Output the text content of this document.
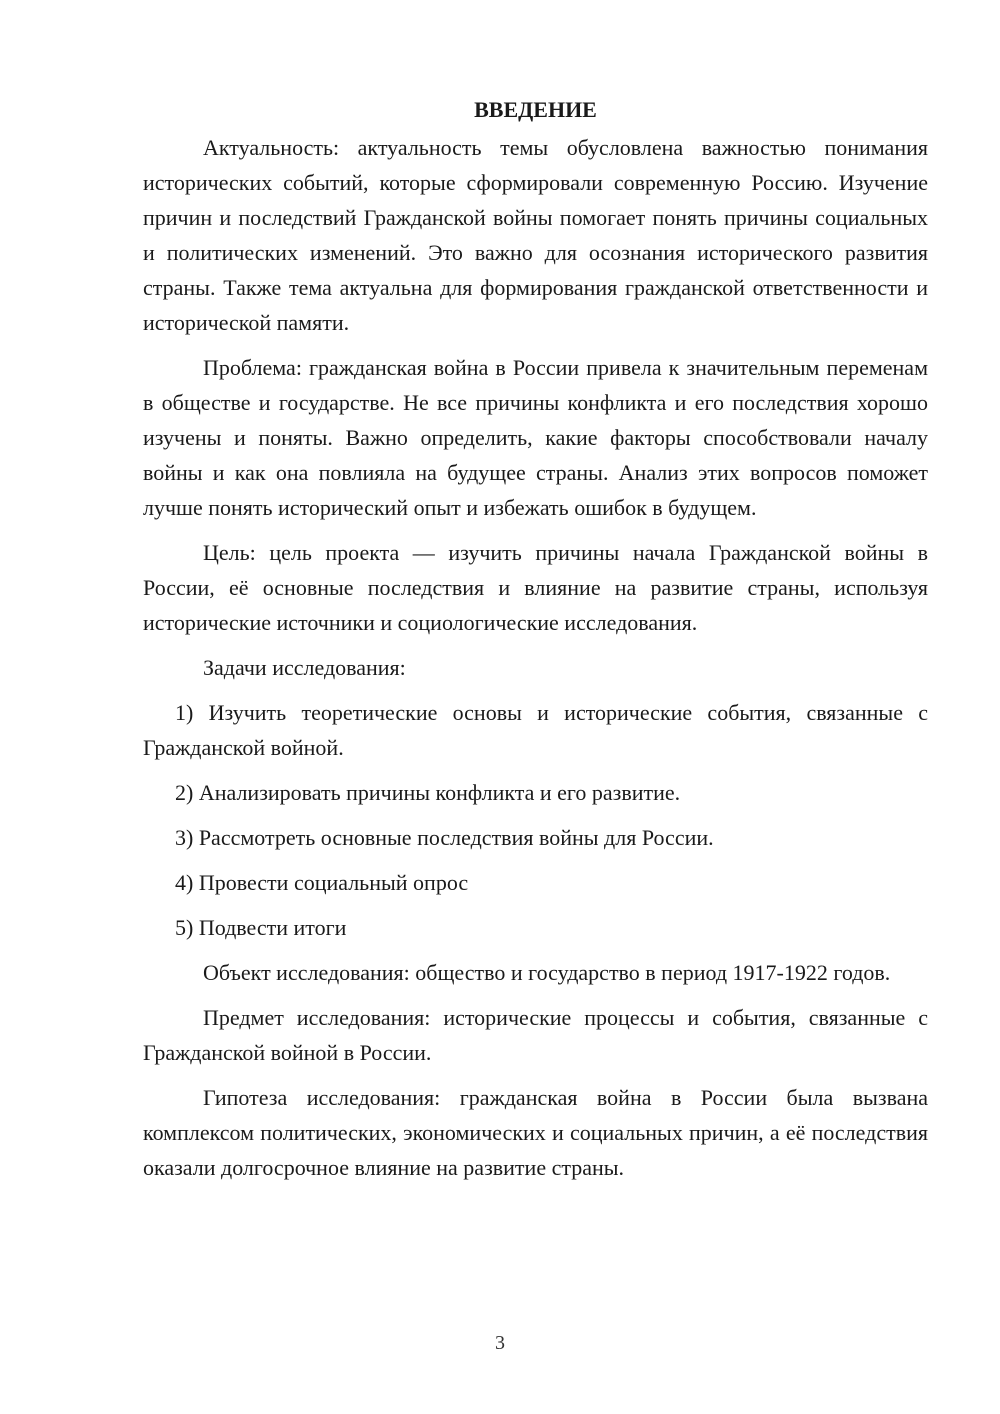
ВВЕДЕНИЕ

Актуальность: актуальность темы обусловлена важностью понимания исторических событий, которые сформировали современную Россию. Изучение причин и последствий Гражданской войны помогает понять причины социальных и политических изменений. Это важно для осознания исторического развития страны. Также тема актуальна для формирования гражданской ответственности и исторической памяти.

Проблема: гражданская война в России привела к значительным переменам в обществе и государстве. Не все причины конфликта и его последствия хорошо изучены и поняты. Важно определить, какие факторы способствовали началу войны и как она повлияла на будущее страны. Анализ этих вопросов поможет лучше понять исторический опыт и избежать ошибок в будущем.

Цель: цель проекта — изучить причины начала Гражданской войны в России, её основные последствия и влияние на развитие страны, используя исторические источники и социологические исследования.

Задачи исследования:

1) Изучить теоретические основы и исторические события, связанные с Гражданской войной.

2) Анализировать причины конфликта и его развитие.

3) Рассмотреть основные последствия войны для России.

4) Провести социальный опрос

5) Подвести итоги

Объект исследования: общество и государство в период 1917-1922 годов.

Предмет исследования: исторические процессы и события, связанные с Гражданской войной в России.

Гипотеза исследования: гражданская война в России была вызвана комплексом политических, экономических и социальных причин, а её последствия оказали долгосрочное влияние на развитие страны.

3
